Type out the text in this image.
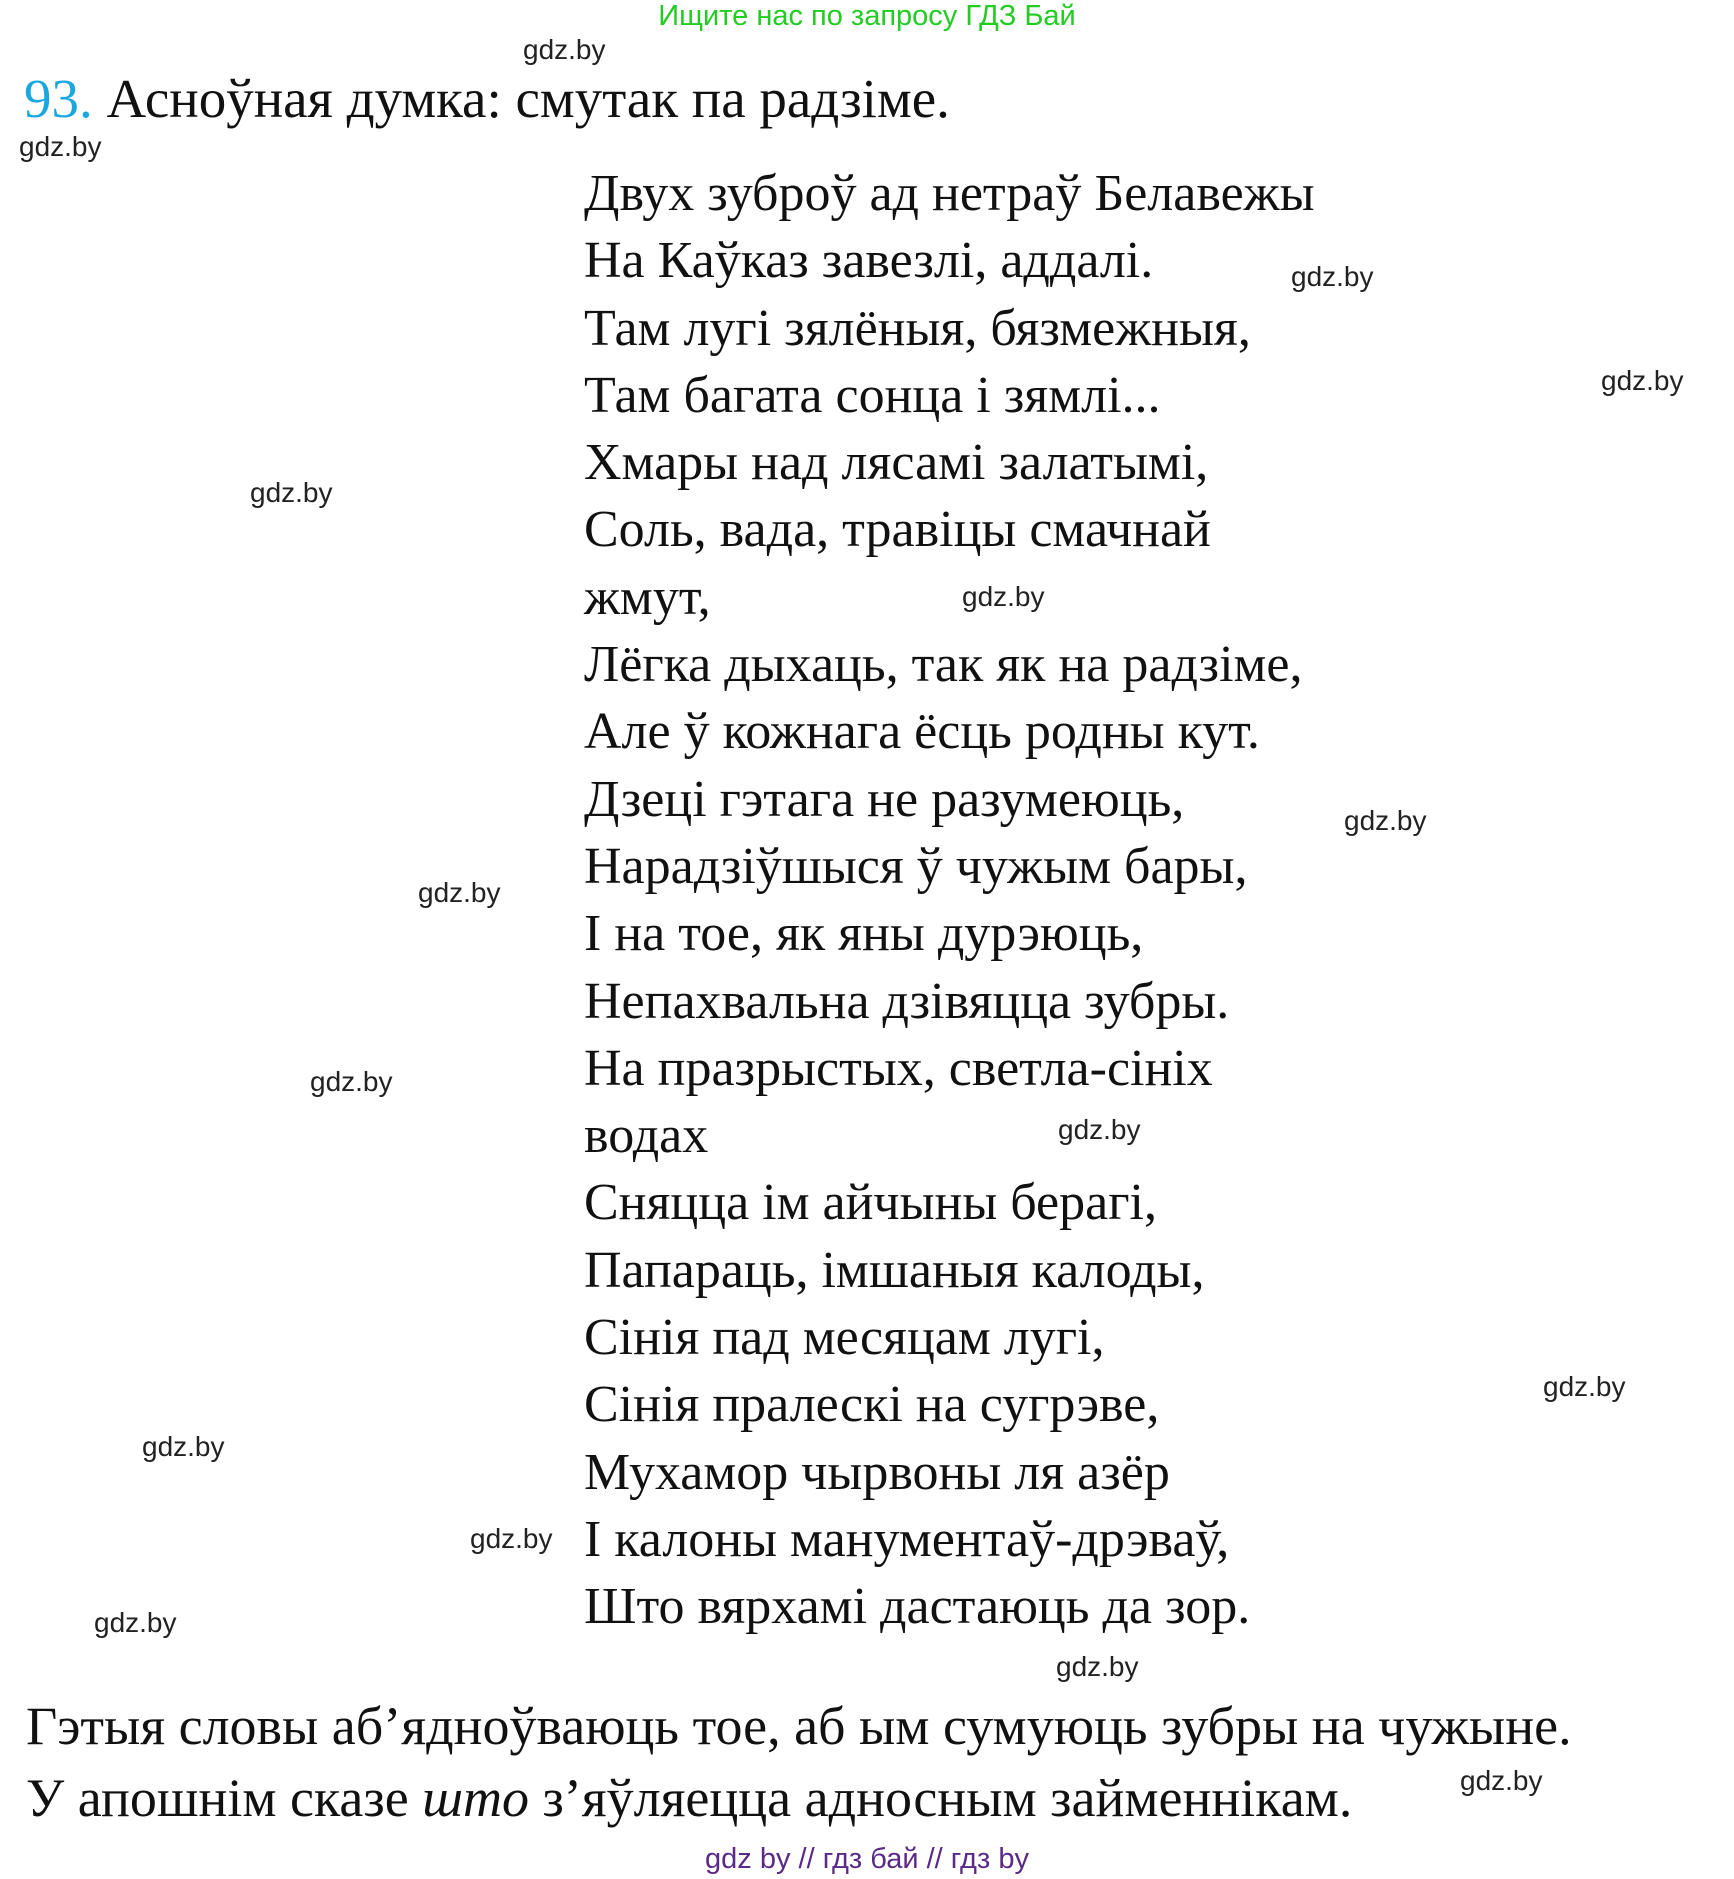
Ищите нас по запросу ГДЗ Бай
93. Асноўная думка: смутак па радзіме.
Двух зуброў ад нетраў Белавежы
На Каўказ завезлі, аддалі.
Там лугі зялёныя, бязмежныя,
Там багата сонца і зямлі...
Хмары над лясамі залатымі,
Соль, вада, травіцы смачнай
жмут,
Лёгка дыхаць, так як на радзіме,
Але ў кожнага ёсць родны кут.
Дзеці гэтага не разумеюць,
Нарадзіўшыся ў чужым бары,
І на тое, як яны дурэюць,
Непахвальна дзівяцца зубры.
На празрыстых, светла-сініх
водах
Сняцца ім айчыны берагі,
Папараць, імшаныя калоды,
Сінія пад месяцам лугі,
Сінія пралескі на сугрэве,
Мухамор чырвоны ля азёр
І калоны манументаў-дрэваў,
Што вярхамі дастаюць да зор.
Гэтыя словы аб’ядноўваюць тое, аб ым сумуюць зубры на чужыне.
У апошнім сказе што з’яўляецца адносным займеннікам.
gdz.by
gdz.by
gdz.by
gdz.by
gdz.by
gdz.by
gdz.by
gdz.by
gdz.by
gdz.by
gdz.by
gdz.by
gdz.by
gdz.by
gdz.by
gdz.by
gdz by // гдз бай // гдз by
